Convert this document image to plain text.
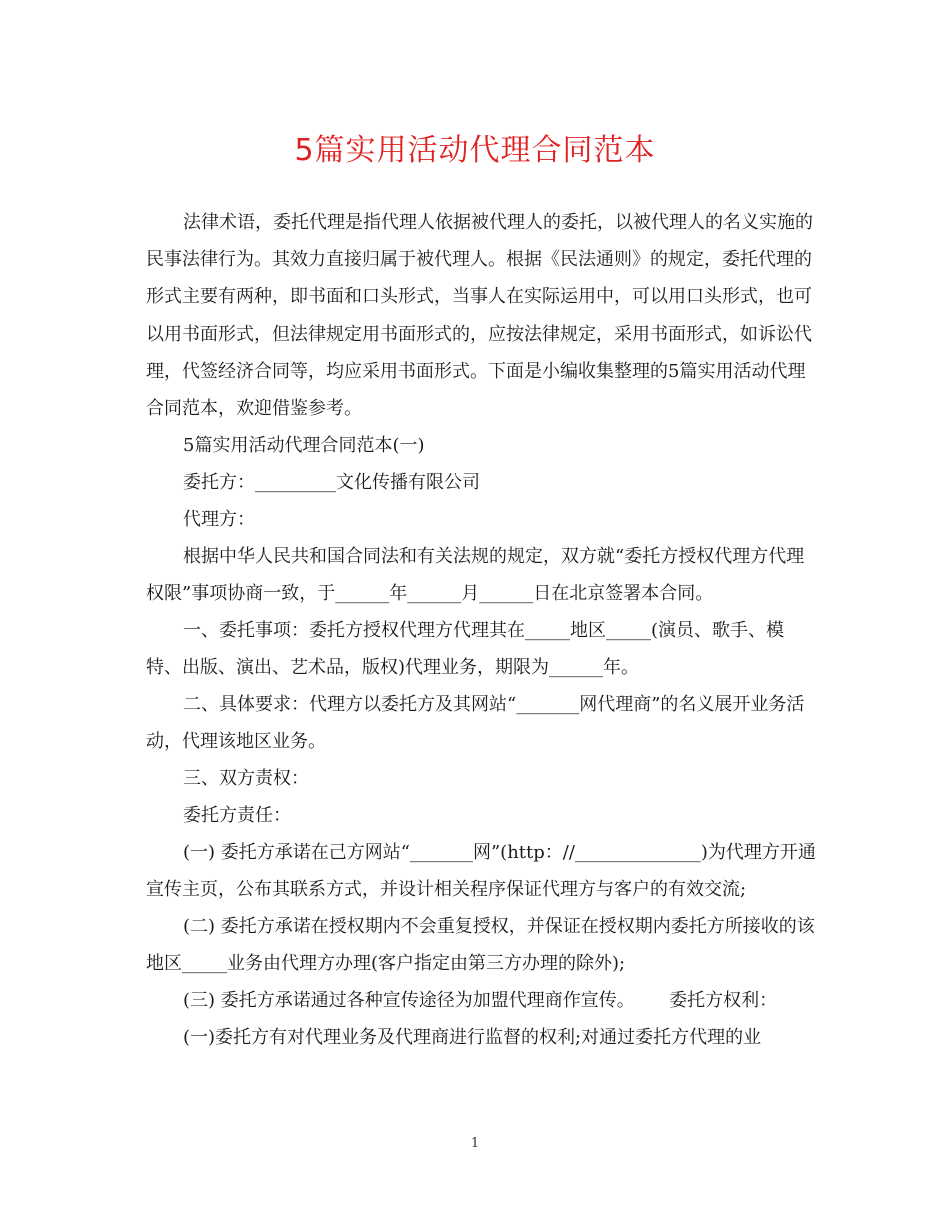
5篇实用活动代理合同范本

法律术语，委托代理是指代理人依据被代理人的委托，以被代理人的名义实施的民事法律行为。其效力直接归属于被代理人。根据《民法通则》的规定，委托代理的形式主要有两种，即书面和口头形式，当事人在实际运用中，可以用口头形式，也可以用书面形式，但法律规定用书面形式的，应按法律规定，采用书面形式，如诉讼代理，代签经济合同等，均应采用书面形式。下面是小编收集整理的5篇实用活动代理合同范本，欢迎借鉴参考。

5篇实用活动代理合同范本(一)

委托方：_________文化传播有限公司

代理方：

根据中华人民共和国合同法和有关法规的规定，双方就“委托方授权代理方代理权限”事项协商一致，于______年______月______日在北京签署本合同。

一、委托事项：委托方授权代理方代理其在_____地区_____(演员、歌手、模特、出版、演出、艺术品，版权)代理业务，期限为______年。

二、具体要求：代理方以委托方及其网站“_______网代理商”的名义展开业务活动，代理该地区业务。

三、双方责权：

委托方责任：

(一) 委托方承诺在己方网站“_______网”(http：//______________)为代理方开通宣传主页，公布其联系方式，并设计相关程序保证代理方与客户的有效交流;

(二) 委托方承诺在授权期内不会重复授权，并保证在授权期内委托方所接收的该地区_____业务由代理方办理(客户指定由第三方办理的除外);

(三) 委托方承诺通过各种宣传途径为加盟代理商作宣传。      委托方权利：

(一)委托方有对代理业务及代理商进行监督的权利;对通过委托方代理的业

1
